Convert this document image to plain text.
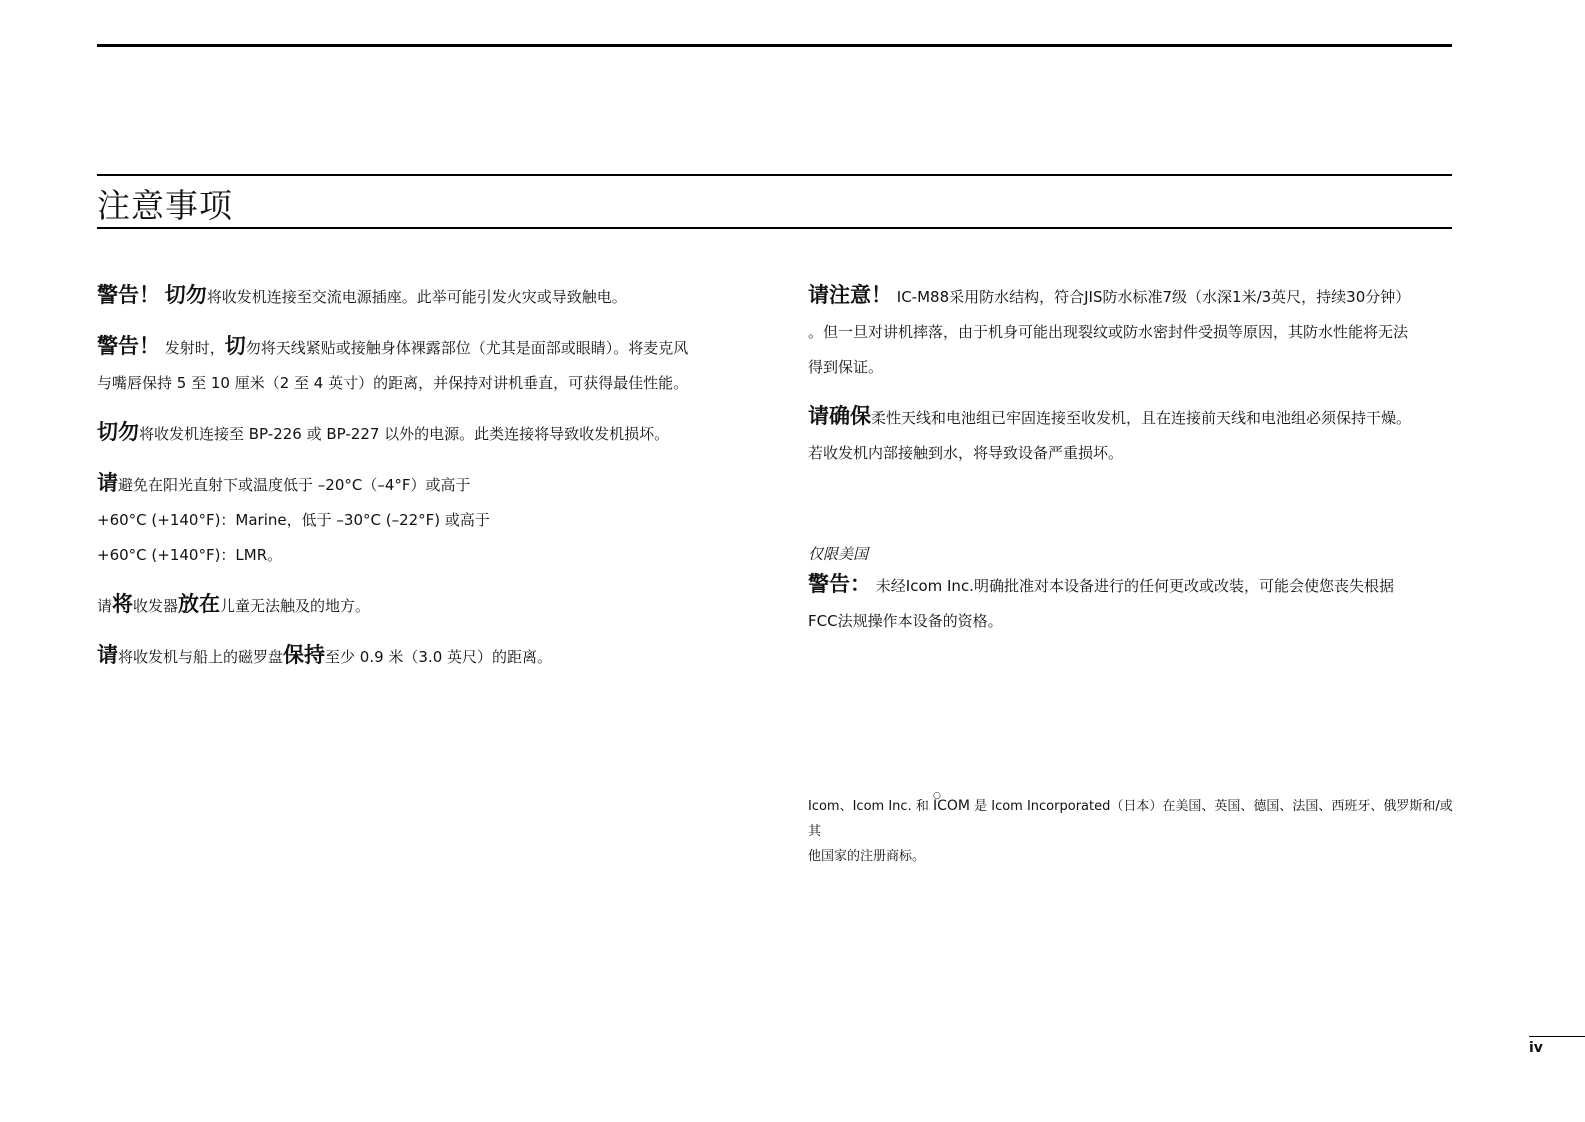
注意事项
警告！ 切勿将收发机连接至交流电源插座。此举可能引发火灾或导致触电。
警告！ 发射时，切勿将天线紧贴或接触身体裸露部位（尤其是面部或眼睛）。将麦克风
与嘴唇保持 5 至 10 厘米（2 至 4 英寸）的距离，并保持对讲机垂直，可获得最佳性能。
切勿将收发机连接至 BP-226 或 BP-227 以外的电源。此类连接将导致收发机损坏。
请避免在阳光直射下或温度低于 –20°C（–4°F）或高于
+60°C (+140°F)：Marine，低于 –30°C (–22°F) 或高于
+60°C (+140°F)：LMR。
请将收发器放在儿童无法触及的地方。
请将收发机与船上的磁罗盘保持至少 0.9 米（3.0 英尺）的距离。
请注意！ IC-M88采用防水结构，符合JIS防水标准7级（水深1米/3英尺，持续30分钟）
。但一旦对讲机摔落，由于机身可能出现裂纹或防水密封件受损等原因，其防水性能将无法
得到保证。
请确保柔性天线和电池组已牢固连接至收发机，且在连接前天线和电池组必须保持干燥。
若收发机内部接触到水，将导致设备严重损坏。
仅限美国
警告： 未经Icom Inc.明确批准对本设备进行的任何更改或改装，可能会使您丧失根据
FCC法规操作本设备的资格。
Icom、Icom Inc. 和 ○ ICOM 是 Icom Incorporated（日本）在美国、英国、德国、法国、西班牙、俄罗斯和/或其
他国家的注册商标。
iv
